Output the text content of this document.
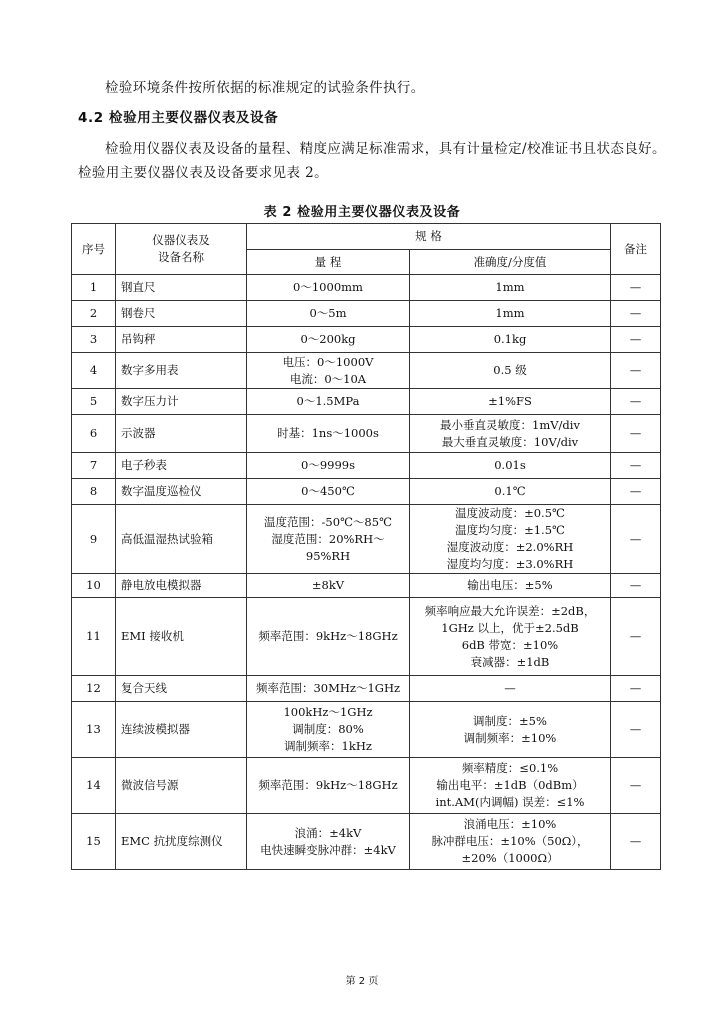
检验环境条件按所依据的标准规定的试验条件执行。
4.2 检验用主要仪器仪表及设备
检验用仪器仪表及设备的量程、精度应满足标准需求，具有计量检定/校准证书且状态良好。检验用主要仪器仪表及设备要求见表 2。
表 2 检验用主要仪器仪表及设备
序号	仪器仪表及
设备名称	规 格		备注
		量 程	准确度/分度值	
1	钢直尺	0～1000mm	1mm	—
2	钢卷尺	0～5m	1mm	—
3	吊钩秤	0～200kg	0.1kg	—
4	数字多用表	电压：0～1000V
电流：0～10A	0.5 级	—
5	数字压力计	0～1.5MPa	±1%FS	—
6	示波器	时基：1ns～1000s	最小垂直灵敏度：1mV/div
最大垂直灵敏度：10V/div	—
7	电子秒表	0～9999s	0.01s	—
8	数字温度巡检仪	0～450℃	0.1℃	—
9	高低温湿热试验箱	温度范围：-50℃～85℃
湿度范围：20%RH～95%RH	温度波动度：±0.5℃
温度均匀度：±1.5℃
湿度波动度：±2.0%RH
湿度均匀度：±3.0%RH	—
10	静电放电模拟器	±8kV	输出电压：±5%	—
11	EMI 接收机	频率范围：9kHz～18GHz	频率响应最大允许误差：±2dB，
1GHz 以上，优于±2.5dB
6dB 带宽：±10%
衰减器：±1dB	—
12	复合天线	频率范围：30MHz～1GHz	—	—
13	连续波模拟器	100kHz～1GHz
调制度：80%
调制频率：1kHz	调制度：±5%
调制频率：±10%	—
14	微波信号源	频率范围：9kHz～18GHz	频率精度：≤0.1%
输出电平：±1dB（0dBm）
int.AM(内调幅) 误差：≤1%	—
15	EMC 抗扰度综测仪	浪涌：±4kV
电快速瞬变脉冲群：±4kV	浪涌电压：±10%
脉冲群电压：±10%（50Ω），
±20%（1000Ω）	—
第 2 页
